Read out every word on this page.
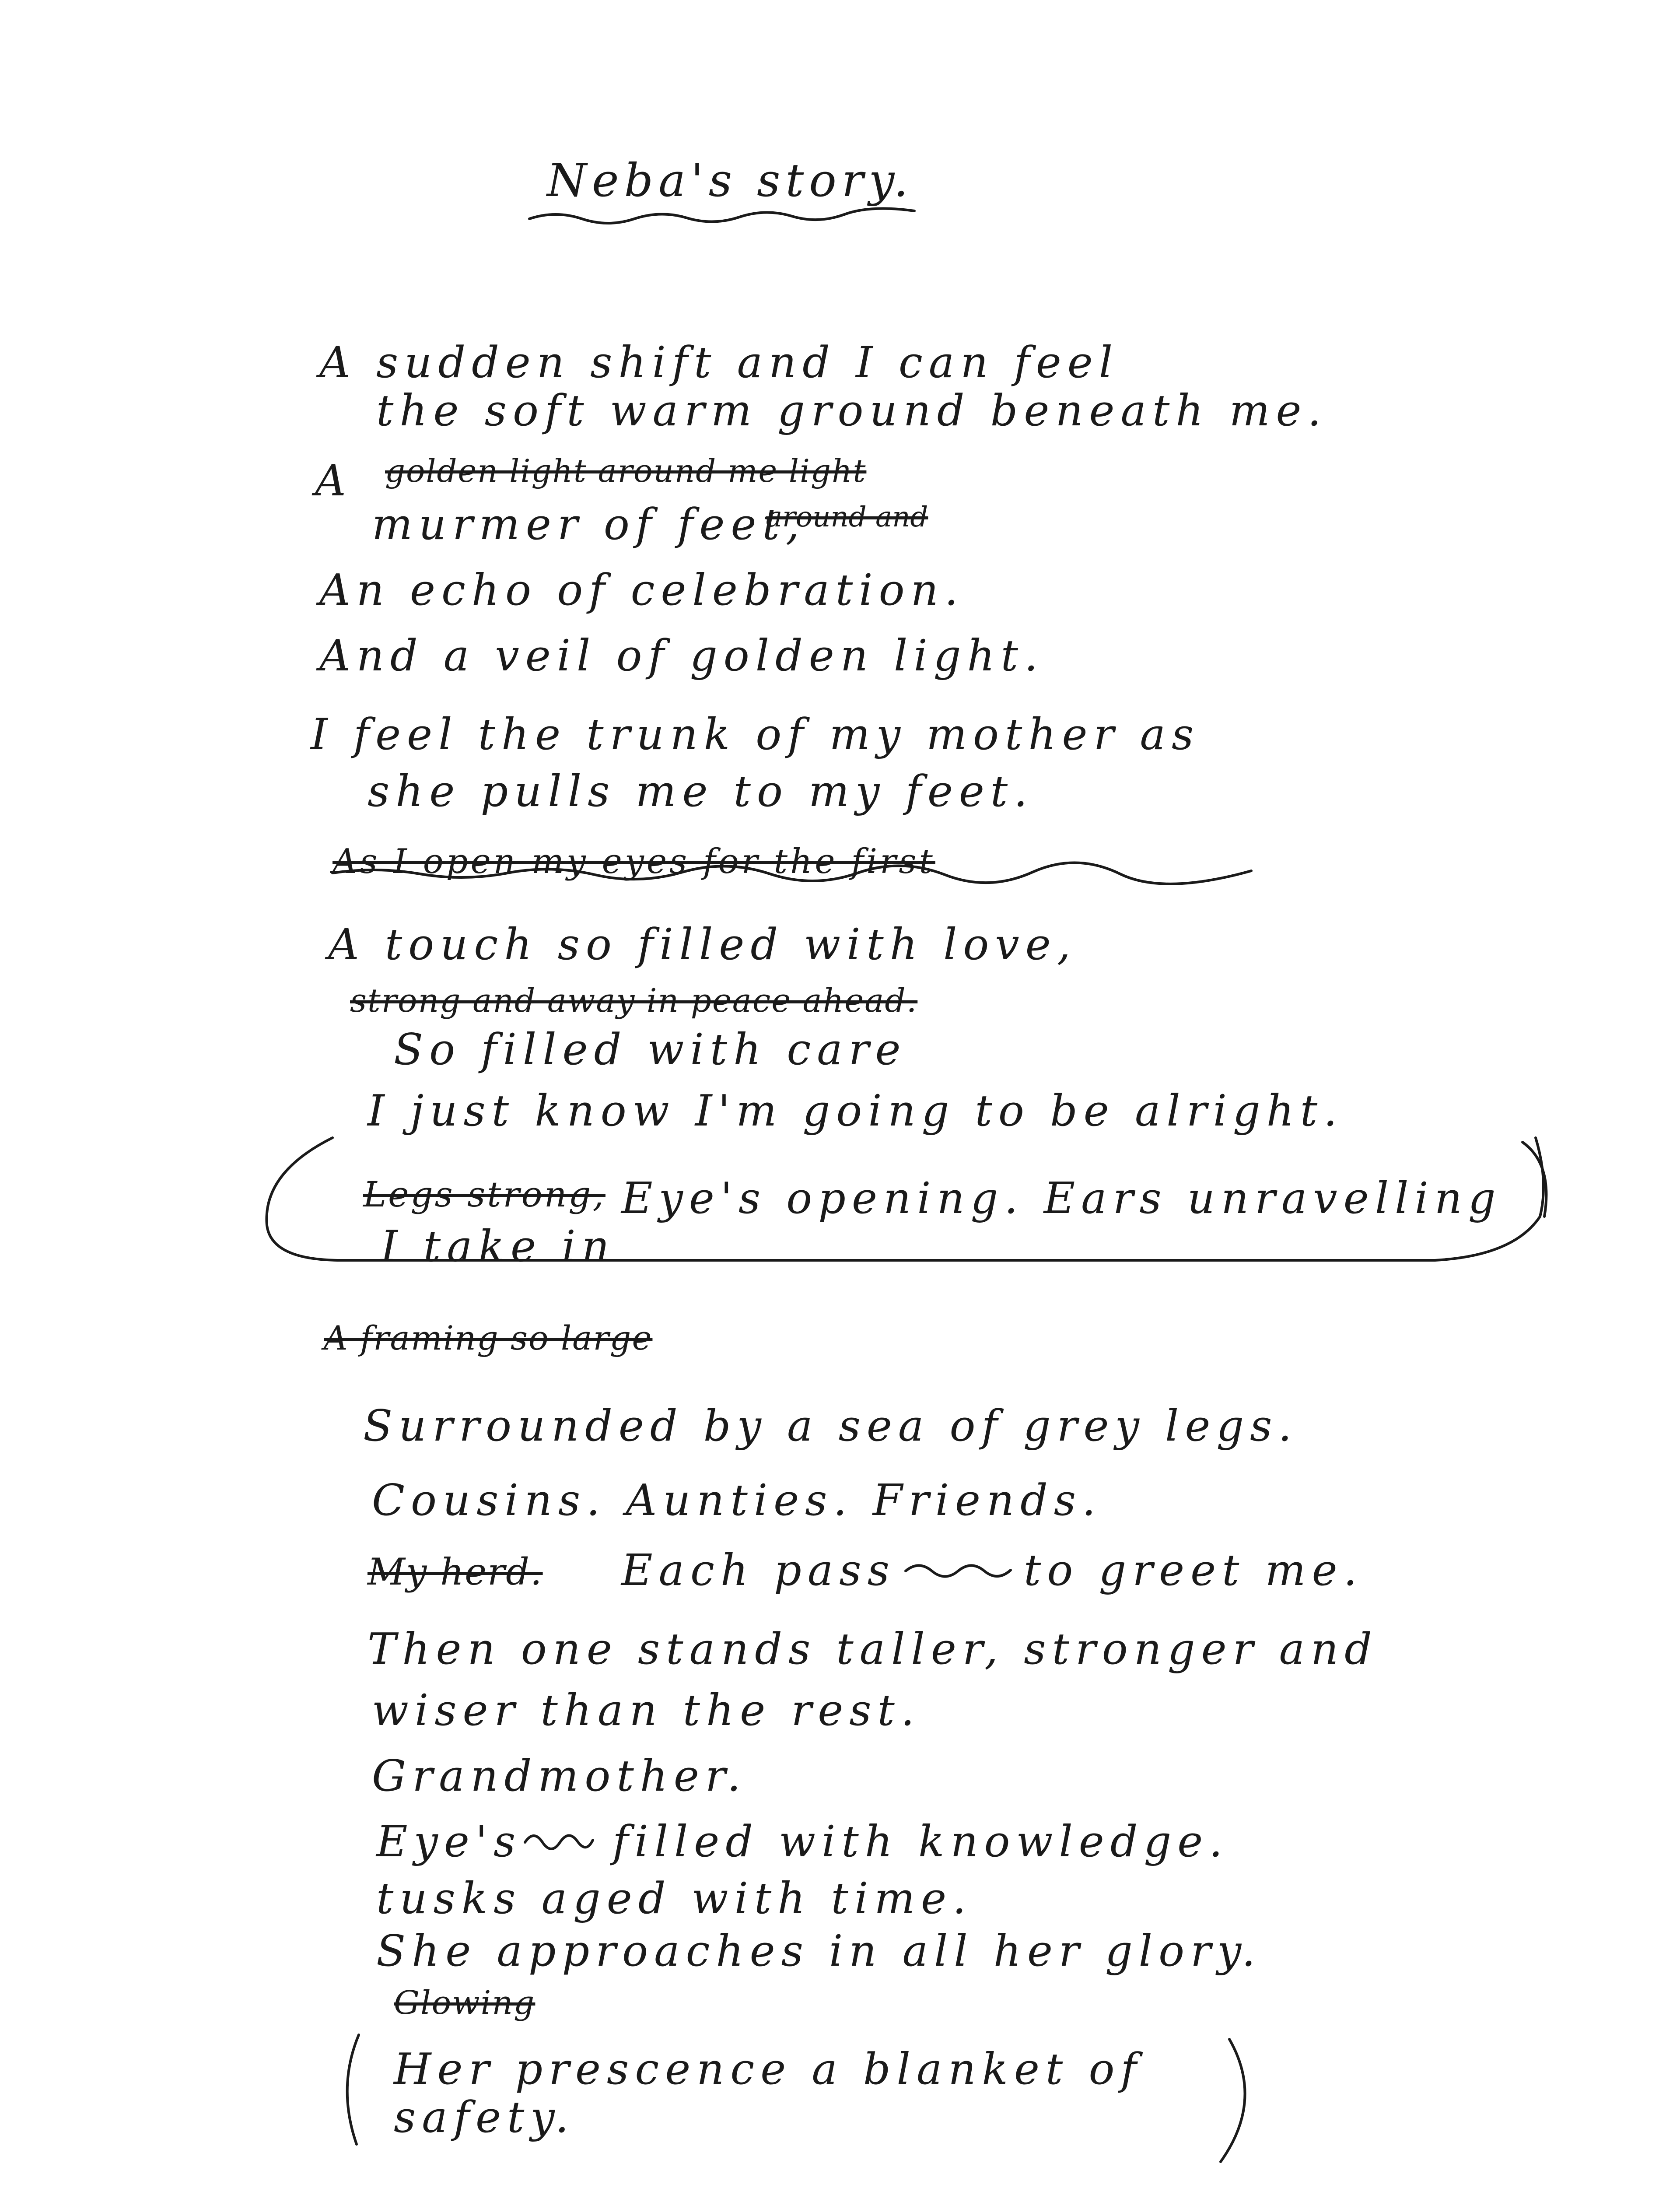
Neba's story.
A sudden shift and I can feel
the soft warm ground beneath me.
A golden light around me light
murmer of feet,
around and
An echo of celebration.
And a veil of golden light.
I feel the trunk of my mother as
she pulls me to my feet.
As I open my eyes for the first
A touch so filled with love,
strong and away in peace ahead.
So filled with care
I just know I'm going to be alright.
Legs strong, Eye's opening. Ears unravelling
I take in
A framing so large
Surrounded by a sea of grey legs.
Cousins. Aunties. Friends.
My herd. Each pass	to greet me.
Then one stands taller, stronger and
wiser than the rest.
Grandmother.
Eye's filled with knowledge.
tusks aged with time.
She approaches in all her glory.
Glowing
Her prescence a blanket of
safety.
